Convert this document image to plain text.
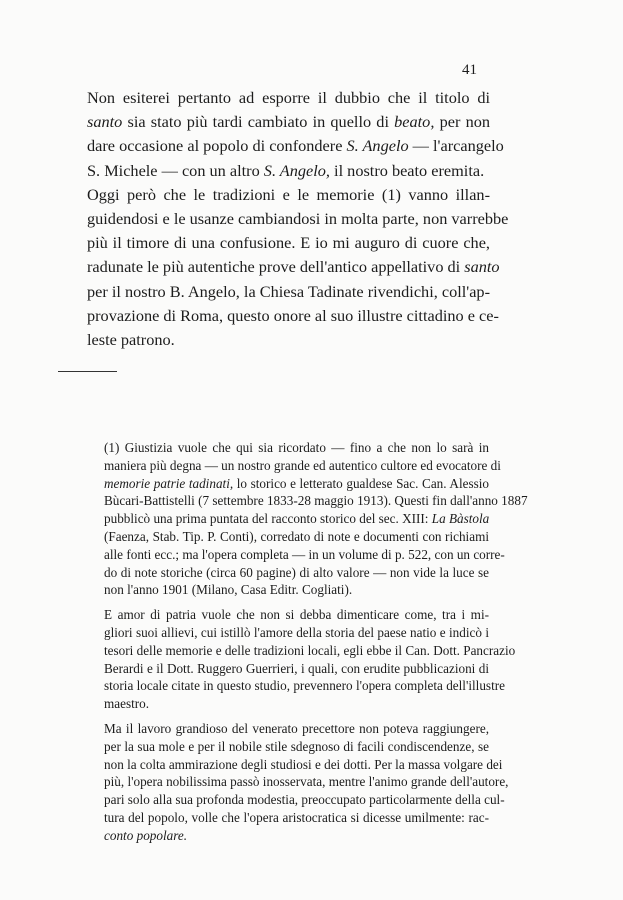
41

Non esiterei pertanto ad esporre il dubbio che il titolo di
santo sia stato più tardi cambiato in quello di beato, per non
dare occasione al popolo di confondere S. Angelo — l'arcangelo
S. Michele — con un altro S. Angelo, il nostro beato eremita.

Oggi però che le tradizioni e le memorie (1) vanno illan-
guidendosi e le usanze cambiandosi in molta parte, non varrebbe
più il timore di una confusione. E io mi auguro di cuore che,
radunate le più autentiche prove dell'antico appellativo di santo
per il nostro B. Angelo, la Chiesa Tadinate rivendichi, coll'ap-
provazione di Roma, questo onore al suo illustre cittadino e ce-
leste patrono.

(1) Giustizia vuole che qui sia ricordato — fino a che non lo sarà in
maniera più degna — un nostro grande ed autentico cultore ed evocatore di
memorie patrie tadinati, lo storico e letterato gualdese Sac. Can. Alessio
Bùcari-Battistelli (7 settembre 1833-28 maggio 1913). Questi fin dall'anno 1887
pubblicò una prima puntata del racconto storico del sec. XIII: La Bàstola
(Faenza, Stab. Tip. P. Conti), corredato di note e documenti con richiami
alle fonti ecc.; ma l'opera completa — in un volume di p. 522, con un corre-
do di note storiche (circa 60 pagine) di alto valore — non vide la luce se
non l'anno 1901 (Milano, Casa Editr. Cogliati).

E amor di patria vuole che non si debba dimenticare come, tra i mi-
gliori suoi allievi, cui istillò l'amore della storia del paese natio e indicò i
tesori delle memorie e delle tradizioni locali, egli ebbe il Can. Dott. Pancrazio
Berardi e il Dott. Ruggero Guerrieri, i quali, con erudite pubblicazioni di
storia locale citate in questo studio, prevennero l'opera completa dell'illustre
maestro.

Ma il lavoro grandioso del venerato precettore non poteva raggiungere,
per la sua mole e per il nobile stile sdegnoso di facili condiscendenze, se
non la colta ammirazione degli studiosi e dei dotti. Per la massa volgare dei
più, l'opera nobilissima passò inosservata, mentre l'animo grande dell'autore,
pari solo alla sua profonda modestia, preoccupato particolarmente della cul-
tura del popolo, volle che l'opera aristocratica si dicesse umilmente: rac-
conto popolare.
